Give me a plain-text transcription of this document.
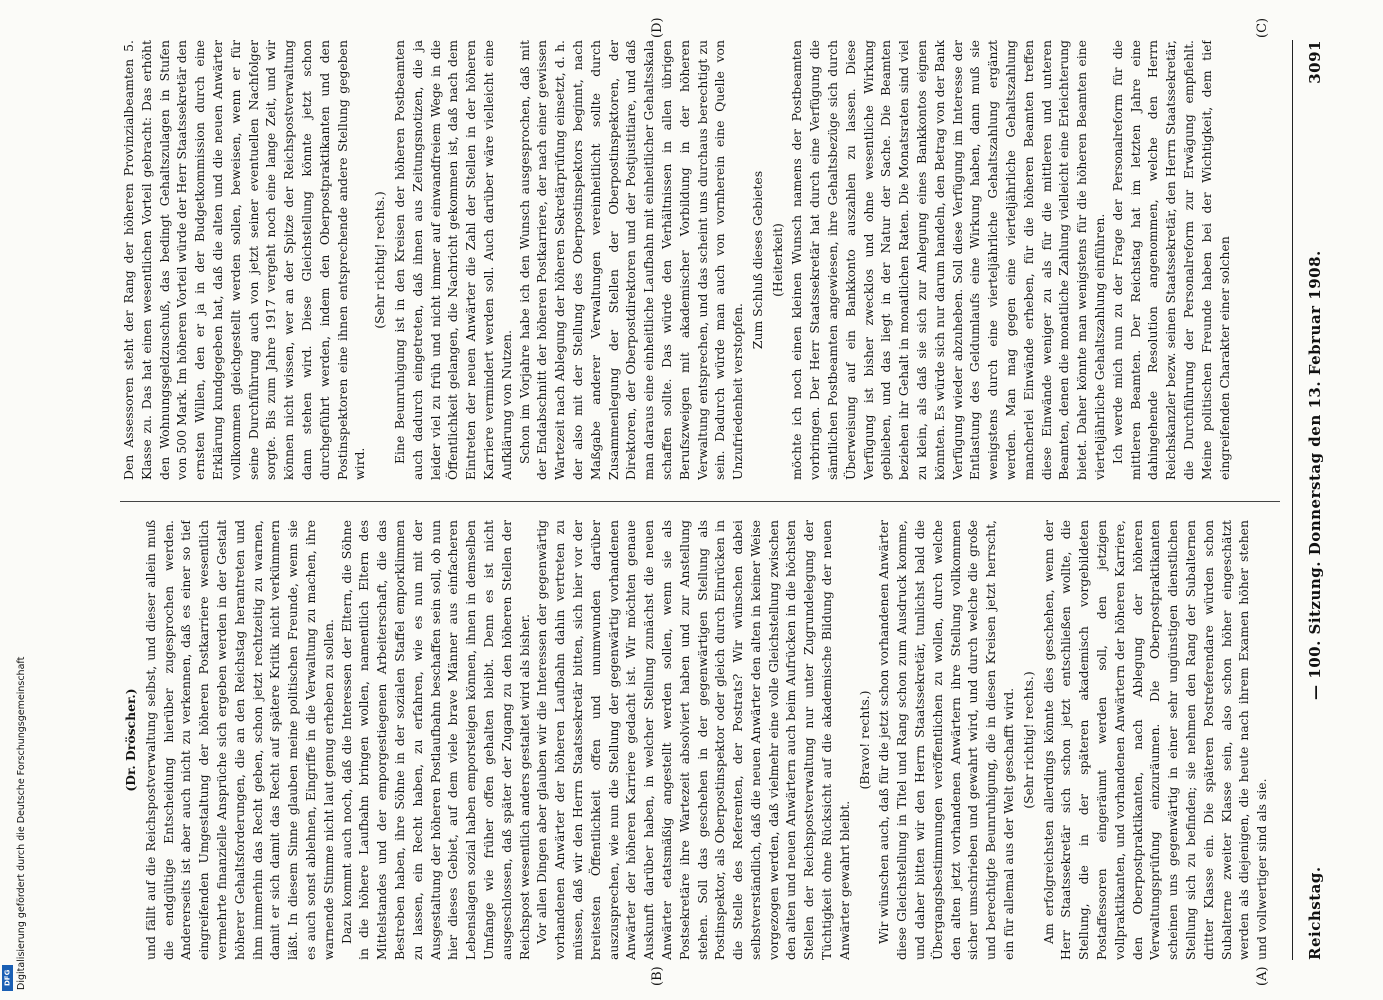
Reichstag.
— 100. Sitzung. Donnerstag den 13. Februar 1908.
3091

(Dr. Dröscher.) und fällt auf die Reichspostverwaltung selbst, und dieser allein muß die endgültige Entscheidung hierüber zugesprochen werden. Andererseits ist aber auch nicht zu verkennen, daß es einer so tief eingreifenden Umgestaltung der höheren Postkarriere wesentlich vermehrte finanzielle Ansprüche sich ergeben werden in der Gestalt höherer Gehaltsforderungen, die an den Reichstag herantreten und ihm immerhin das Recht geben, schon jetzt rechtzeitig zu warnen, damit er sich damit das Recht auf spätere Kritik nicht verkümmern läßt. In diesem Sinne glauben meine politischen Freunde, wenn sie es auch sonst ablehnen, Eingriffe in die Verwaltung zu machen, ihre warnende Stimme nicht laut genug erheben zu sollen. Dazu kommt auch noch, daß die Interessen der Eltern, die Söhne in die höhere Laufbahn bringen wollen, namentlich Eltern des Mittelstandes und der emporgestiegenen Arbeiterschaft, die das Bestreben haben, ihre Söhne in der sozialen Staffel emporklimmen zu lassen, ein Recht haben, zu erfahren, wie es nun mit der Ausgestaltung der höheren Postlaufbahn beschaffen sein soll, ob nun hier dieses Gebiet, auf dem viele brave Männer aus einfacheren Lebenslagen sozial haben emporsteigen können, ihnen in demselben Umfange wie früher offen gehalten bleibt. Denn es ist nicht ausgeschlossen, daß später der Zugang zu den höheren Stellen der Reichspost wesentlich anders gestaltet wird als bisher. Vor allen Dingen aber glauben wir die Interessen der gegenwärtig vorhandenen Anwärter der höheren Laufbahn dahin vertreten zu müssen, daß wir den Herrn Staatssekretär bitten, sich hier vor der breitesten Öffentlichkeit offen und unumwunden darüber auszusprechen, wie nun die Stellung der gegenwärtig vorhandenen Anwärter der höheren Karriere gedacht ist. Wir möchten genaue Auskunft darüber haben, in welcher Stellung zunächst die neuen Anwärter etatsmäßig angestellt werden sollen, wenn sie als Postsekretäre ihre Wartezeit absolviert haben und zur Anstellung stehen. Soll das geschehen in der gegenwärtigen Stellung als Postinspektor, als Oberpostinspektor oder gleich durch Einrücken in die Stelle des Referenten, der Postrats? Wir wünschen dabei selbstverständlich, daß die neuen Anwärter den alten in keiner Weise vorgezogen werden, daß vielmehr eine volle Gleichstellung zwischen den alten und neuen Anwärtern auch beim Aufrücken in die höchsten Stellen der Reichspostverwaltung nur unter Zugrundelegung der Tüchtigkeit ohne Rücksicht auf die akademische Bildung der neuen Anwärter gewahrt bleibt.

(Bravo! rechts.) Wir wünschen auch, daß für die jetzt schon vorhandenen Anwärter diese Gleichstellung in Titel und Rang schon zum Ausdruck komme, und daher bitten wir den Herrn Staatssekretär, tunlichst bald die Übergangsbestimmungen veröffentlichen zu wollen, durch welche den alten jetzt vorhandenen Anwärtern ihre Stellung vollkommen sicher umschrieben und gewahrt wird, und durch welche die große und berechtigte Beunruhigung, die in diesen Kreisen jetzt herrscht, ein für allemal aus der Welt geschafft wird. (Sehr richtig! rechts.) Am erfolgreichsten allerdings könnte dies geschehen, wenn der Herr Staatssekretär sich schon jetzt entschließen wollte, die Stellung, die in der späteren akademisch vorgebildeten Postaffessoren eingeräumt werden soll, den jetzigen vollpraktikanten, und vorhandenen Anwärtern der höheren Karriere, den Oberpostpraktikanten, nach Ablegung der höheren Verwaltungsprüfung einzuräumen. Die Oberpostpraktikanten scheinen uns gegenwärtig in einer sehr ungünstigen dienstlichen Stellung sich zu befinden; sie nehmen den Rang der Subalternen dritter Klasse ein. Die späteren Postreferendare würden schon Subalterne zweiter Klasse sein, also schon höher eingeschätzt werden als diejenigen, die heute nach ihrem Examen höher stehen und vollwertiger sind als sie.

Den Assessoren steht der Rang der höheren Provinzialbeamten 5. Klasse zu. Das hat einen wesentlichen Vorteil gebracht: Das erhöht den Wohnungsgeldzuschuß, das bedingt Gehaltszulagen in Stufen von 500 Mark. Im höheren Vorteil würde der Herr Staatssekretär den ernsten Willen, den er ja in der Budgetkommission durch eine Erklärung kundgegeben hat, daß die alten und die neuen Anwärter vollkommen gleichgestellt werden sollen, beweisen, wenn er für seine Durchführung auch von jetzt seiner eventuellen Nachfolger sorgte. Bis zum Jahre 1917 vergeht noch eine lange Zeit, und wir können nicht wissen, wer an der Spitze der Reichspostverwaltung dann stehen wird. Diese Gleichstellung könnte jetzt schon durchgeführt werden, indem den Oberpostpraktikanten und den Postinspektoren eine ihnen entsprechende andere Stellung gegeben wird.

(Sehr richtig! rechts.) Eine Beunruhigung ist in den Kreisen der höheren Postbeamten auch dadurch eingetreten, daß ihnen aus Zeitungsnotizen, die ja leider viel zu früh und nicht immer auf einwandfreiem Wege in die Öffentlichkeit gelangen, die Nachricht gekommen ist, daß nach dem Eintreten der neuen Anwärter die Zahl der Stellen in der höheren Karriere vermindert werden soll. Auch darüber wäre vielleicht eine Aufklärung von Nutzen. Schon im Vorjahre habe ich den Wunsch ausgesprochen, daß mit der Endabschnitt der höheren Postkarriere, der nach einer gewissen Wartezeit nach Ablegung der höheren Sekretärprüfung einsetzt, d. h. der also mit der Stellung des Oberpostinspektors beginnt, nach Maßgabe anderer Verwaltungen vereinheitlicht sollte durch Zusammenlegung der Stellen der Oberpostinspektoren, der Direktoren, der Oberpostdirektoren und der Postjustitiare, und daß man daraus eine einheitliche Laufbahn mit einheitlicher Gehaltsskala schaffen sollte. Das würde den Verhältnissen in allen übrigen Berufszweigen mit akademischer Vorbildung in der höheren Verwaltung entsprechen, und das scheint uns durchaus berechtigt zu sein. Dadurch würde man auch von vornherein eine Quelle von Unzufriedenheit verstopfen.

Zum Schluß dieses Gebietes (Heiterkeit) möchte ich noch einen kleinen Wunsch namens der Postbeamten vorbringen. Der Herr Staatssekretär hat durch eine Verfügung die sämtlichen Postbeamten angewiesen, ihre Gehaltsbezüge sich durch Überweisung auf ein Bankkonto auszahlen zu lassen. Diese Verfügung ist bisher zwecklos und ohne wesentliche Wirkung geblieben, und das liegt in der Natur der Sache. Die Beamten beziehen ihr Gehalt in monatlichen Raten. Die Monatsraten sind viel zu klein, als daß sie sich zur Anlegung eines Bankkontos eignen könnten. Es würde sich nur darum handeln, den Betrag von der Bank Verfügung wieder abzuheben. Soll diese Verfügung im Interesse der Entlastung des Geldumlaufs eine Wirkung haben, dann muß sie wenigstens durch eine vierteljährliche Gehaltszahlung ergänzt werden. Man mag gegen eine vierteljährliche Gehaltszahlung mancherlei Einwände erheben, für die höheren Beamten treffen diese Einwände weniger zu als für die mittleren und unteren Beamten, denen die monatliche Zahlung vielleicht eine Erleichterung bietet. Daher könnte man wenigstens für die höheren Beamten eine vierteljährliche Gehaltszahlung einführen. Ich werde mich nun zu der Frage der Personalreform für die mittleren Beamten. Der Reichstag hat im letzten Jahre eine dahingehende Resolution angenommen, welche den Herrn Reichskanzler bezw. seinen Staatssekretär, den Herrn Staatssekretär, die Durchführung der Personalreform zur Erwägung empfiehlt. Meine politischen Freunde haben bei der Wichtigkeit, dem tief eingreifenden Charakter einer solchen

(A)
(B)
(C)
(D)
Digitalisierung gefördert durch die Deutsche Forschungsgemeinschaft
DFG
